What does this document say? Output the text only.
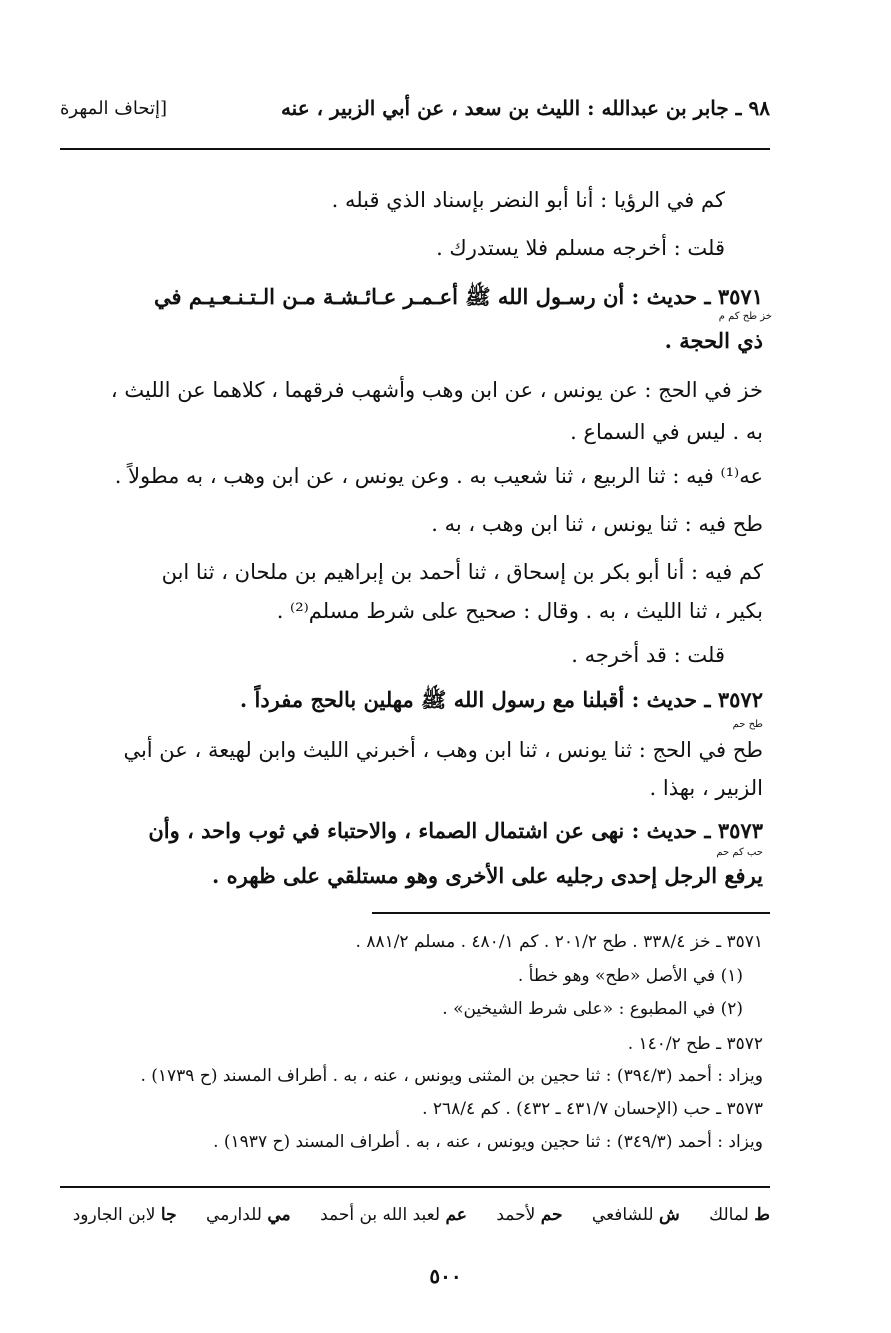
٩٨ ـ جابر بن عبدالله : الليث بن سعد ، عن أبي الزبير ، عنه
[إتحاف المهرة
كم في الرؤيا : أنا أبو النضر بإسناد الذي قبله .
قلت : أخرجه مسلم فلا يستدرك .
٣٥٧١ ـ حديث : أن رسـول الله ﷺ أعـمـر عـائـشـة مـن الـتـنـعـيـم في
خز طح كم م
ذي الحجة .
خز في الحج : عن يونس ، عن ابن وهب وأشهب فرقهما ، كلاهما عن الليث ،
به . ليس في السماع .
عه⁽¹⁾ فيه : ثنا الربيع ، ثنا شعيب به . وعن يونس ، عن ابن وهب ، به مطولاً .
طح فيه : ثنا يونس ، ثنا ابن وهب ، به .
كم فيه : أنا أبو بكر بن إسحاق ، ثنا أحمد بن إبراهيم بن ملحان ، ثنا ابن
بكير ، ثنا الليث ، به . وقال : صحيح على شرط مسلم⁽²⁾ .
قلت : قد أخرجه .
٣٥٧٢ ـ حديث : أقبلنا مع رسول الله ﷺ مهلين بالحج مفرداً .
طح حم
طح في الحج : ثنا يونس ، ثنا ابن وهب ، أخبرني الليث وابن لهيعة ، عن أبي
الزبير ، بهذا .
٣٥٧٣ ـ حديث : نهى عن اشتمال الصماء ، والاحتباء في ثوب واحد ، وأن
حب كم حم
يرفع الرجل إحدى رجليه على الأخرى وهو مستلقي على ظهره .
٣٥٧١ ـ خز ٣٣٨/٤ . طح ٢٠١/٢ . كم ٤٨٠/١ . مسلم ٨٨١/٢ .
(١) في الأصل «طح» وهو خطأ .
(٢) في المطبوع : «على شرط الشيخين» .
٣٥٧٢ ـ طح ١٤٠/٢ .
ويزاد : أحمد (٣٩٤/٣) : ثنا حجين بن المثنى ويونس ، عنه ، به . أطراف المسند (ح ١٧٣٩) .
٣٥٧٣ ـ حب (الإحسان ٤٣١/٧ ـ ٤٣٢) . كم ٢٦٨/٤ .
ويزاد : أحمد (٣٤٩/٣) : ثنا حجين ويونس ، عنه ، به . أطراف المسند (ح ١٩٣٧) .
ط لمالك ش للشافعي حم لأحمد عم لعبد الله بن أحمد مي للدارمي جا لابن الجارود
٥٠٠
